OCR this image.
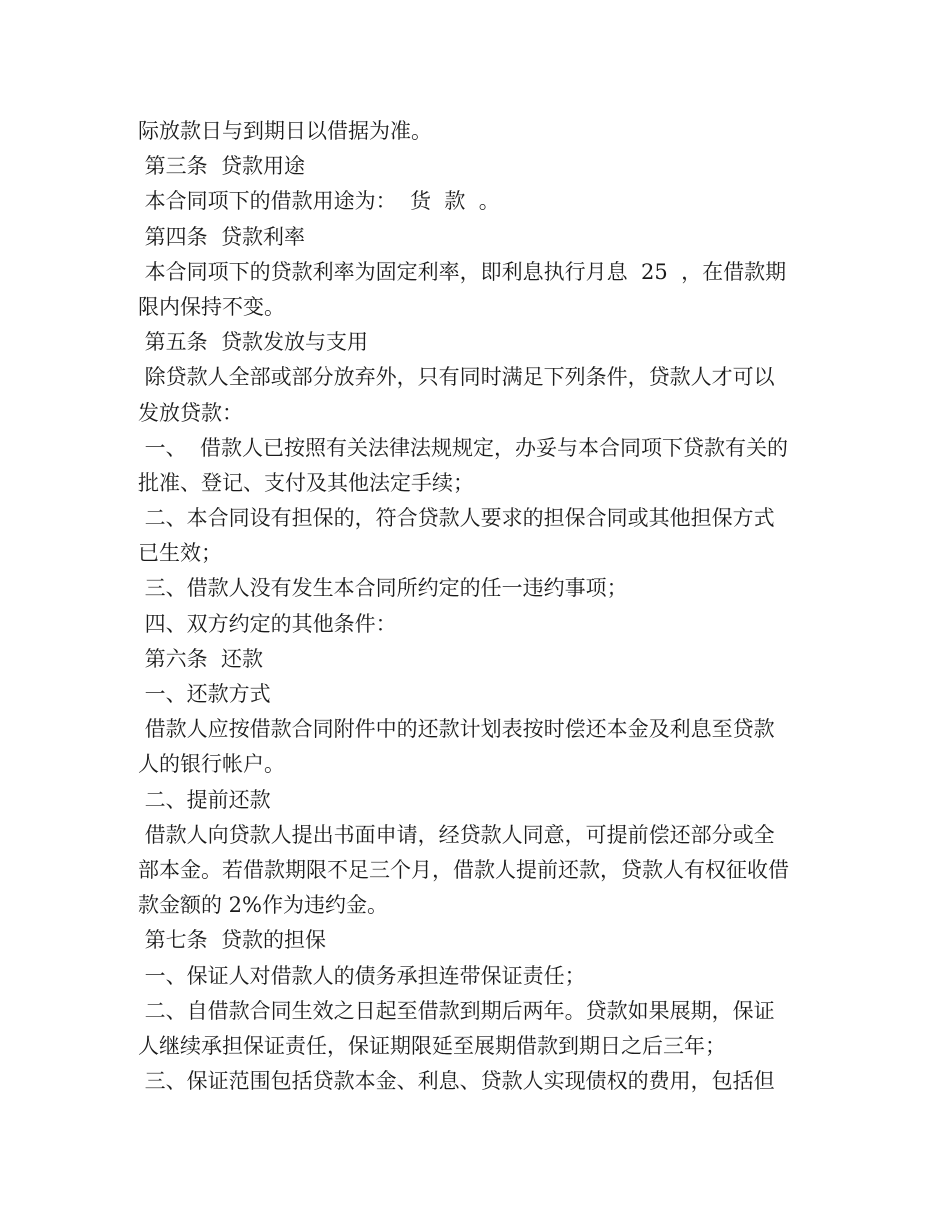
际放款日与到期日以借据为准。

第三条  贷款用途

本合同项下的借款用途为：  货  款  。

第四条  贷款利率

本合同项下的贷款利率为固定利率，即利息执行月息  25  ，在借款期

限内保持不变。

第五条  贷款发放与支用

除贷款人全部或部分放弃外，只有同时满足下列条件，贷款人才可以

发放贷款：

一、  借款人已按照有关法律法规规定，办妥与本合同项下贷款有关的

批准、登记、支付及其他法定手续；

二、本合同设有担保的，符合贷款人要求的担保合同或其他担保方式

已生效；

三、借款人没有发生本合同所约定的任一违约事项；

四、双方约定的其他条件：

第六条  还款

一、还款方式

借款人应按借款合同附件中的还款计划表按时偿还本金及利息至贷款

人的银行帐户。

二、提前还款

借款人向贷款人提出书面申请，经贷款人同意，可提前偿还部分或全

部本金。若借款期限不足三个月，借款人提前还款，贷款人有权征收借

款金额的 2%作为违约金。

第七条  贷款的担保

一、保证人对借款人的债务承担连带保证责任；

二、自借款合同生效之日起至借款到期后两年。贷款如果展期，保证

人继续承担保证责任，保证期限延至展期借款到期日之后三年；

三、保证范围包括贷款本金、利息、贷款人实现债权的费用，包括但
